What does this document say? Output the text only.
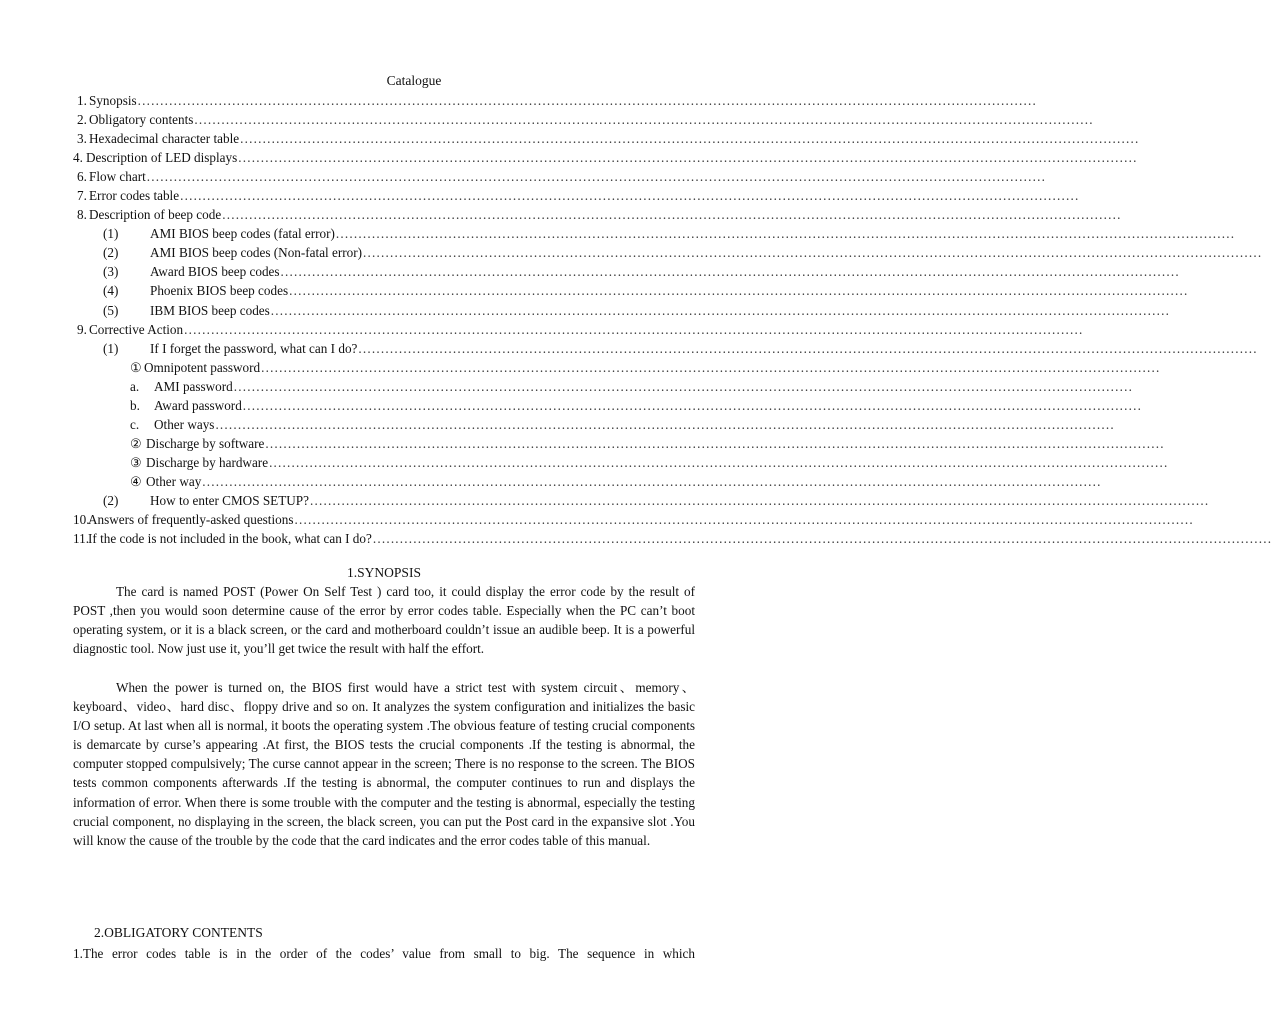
Catalogue
1. Synopsis ........................................................................................................................................................................................................
2. Obligatory contents ........................................................................................................................................................................................................
3. Hexadecimal character table ........................................................................................................................................................................................................
4. Description of LED displays ........................................................................................................................................................................................................
6. Flow chart ........................................................................................................................................................................................................
7. Error codes table ........................................................................................................................................................................................................
8. Description of beep code ........................................................................................................................................................................................................
(1) AMI BIOS beep codes (fatal error) ........................................................................................................................................................................................................
(2) AMI BIOS beep codes (Non-fatal error) ........................................................................................................................................................................................................
(3) Award BIOS beep codes ........................................................................................................................................................................................................
(4) Phoenix BIOS beep codes ........................................................................................................................................................................................................
(5) IBM BIOS beep codes ........................................................................................................................................................................................................
9. Corrective Action ........................................................................................................................................................................................................
(1) If I forget the password, what can I do? ........................................................................................................................................................................................................
① Omnipotent password ........................................................................................................................................................................................................
a. AMI password ........................................................................................................................................................................................................
b. Award password ........................................................................................................................................................................................................
c. Other ways ........................................................................................................................................................................................................
② Discharge by software ........................................................................................................................................................................................................
③ Discharge by hardware ........................................................................................................................................................................................................
④ Other way ........................................................................................................................................................................................................
(2) How to enter CMOS SETUP? ........................................................................................................................................................................................................
10.
Answers of frequently-asked questions ........................................................................................................................................................................................................
11. If the code is not included in the book, what can I do? ........................................................................................................................................................................................................
1.SYNOPSIS

The card is named POST (Power On Self Test ) card too, it could display the error code by the result of POST ,then you would soon determine cause of the error by error codes table. Especially when the PC can’t boot operating system, or it is a black screen, or the card and motherboard couldn’t issue an audible beep. It is a powerful diagnostic tool. Now just use it, you’ll get twice the result with half the effort.

When the power is turned on, the BIOS first would have a strict test with system circuit、memory、keyboard、video、hard disc、floppy drive and so on. It analyzes the system configuration and initializes the basic I/O setup. At last when all is normal, it boots the operating system .The obvious feature of testing crucial components is demarcate by curse’s appearing .At first, the BIOS tests the crucial components .If the testing is abnormal, the computer stopped compulsively; The curse cannot appear in the screen; There is no response to the screen. The BIOS tests common components afterwards .If the testing is abnormal, the computer continues to run and displays the information of error. When there is some trouble with the computer and the testing is abnormal, especially the testing crucial component, no displaying in the screen, the black screen, you can put the Post card in the expansive slot .You will know the cause of the trouble by the code that the card indicates and the error codes table of this manual.

2.OBLIGATORY CONTENTS

1.The error codes table is in the order of the codes’ value from small to big. The sequence in which
